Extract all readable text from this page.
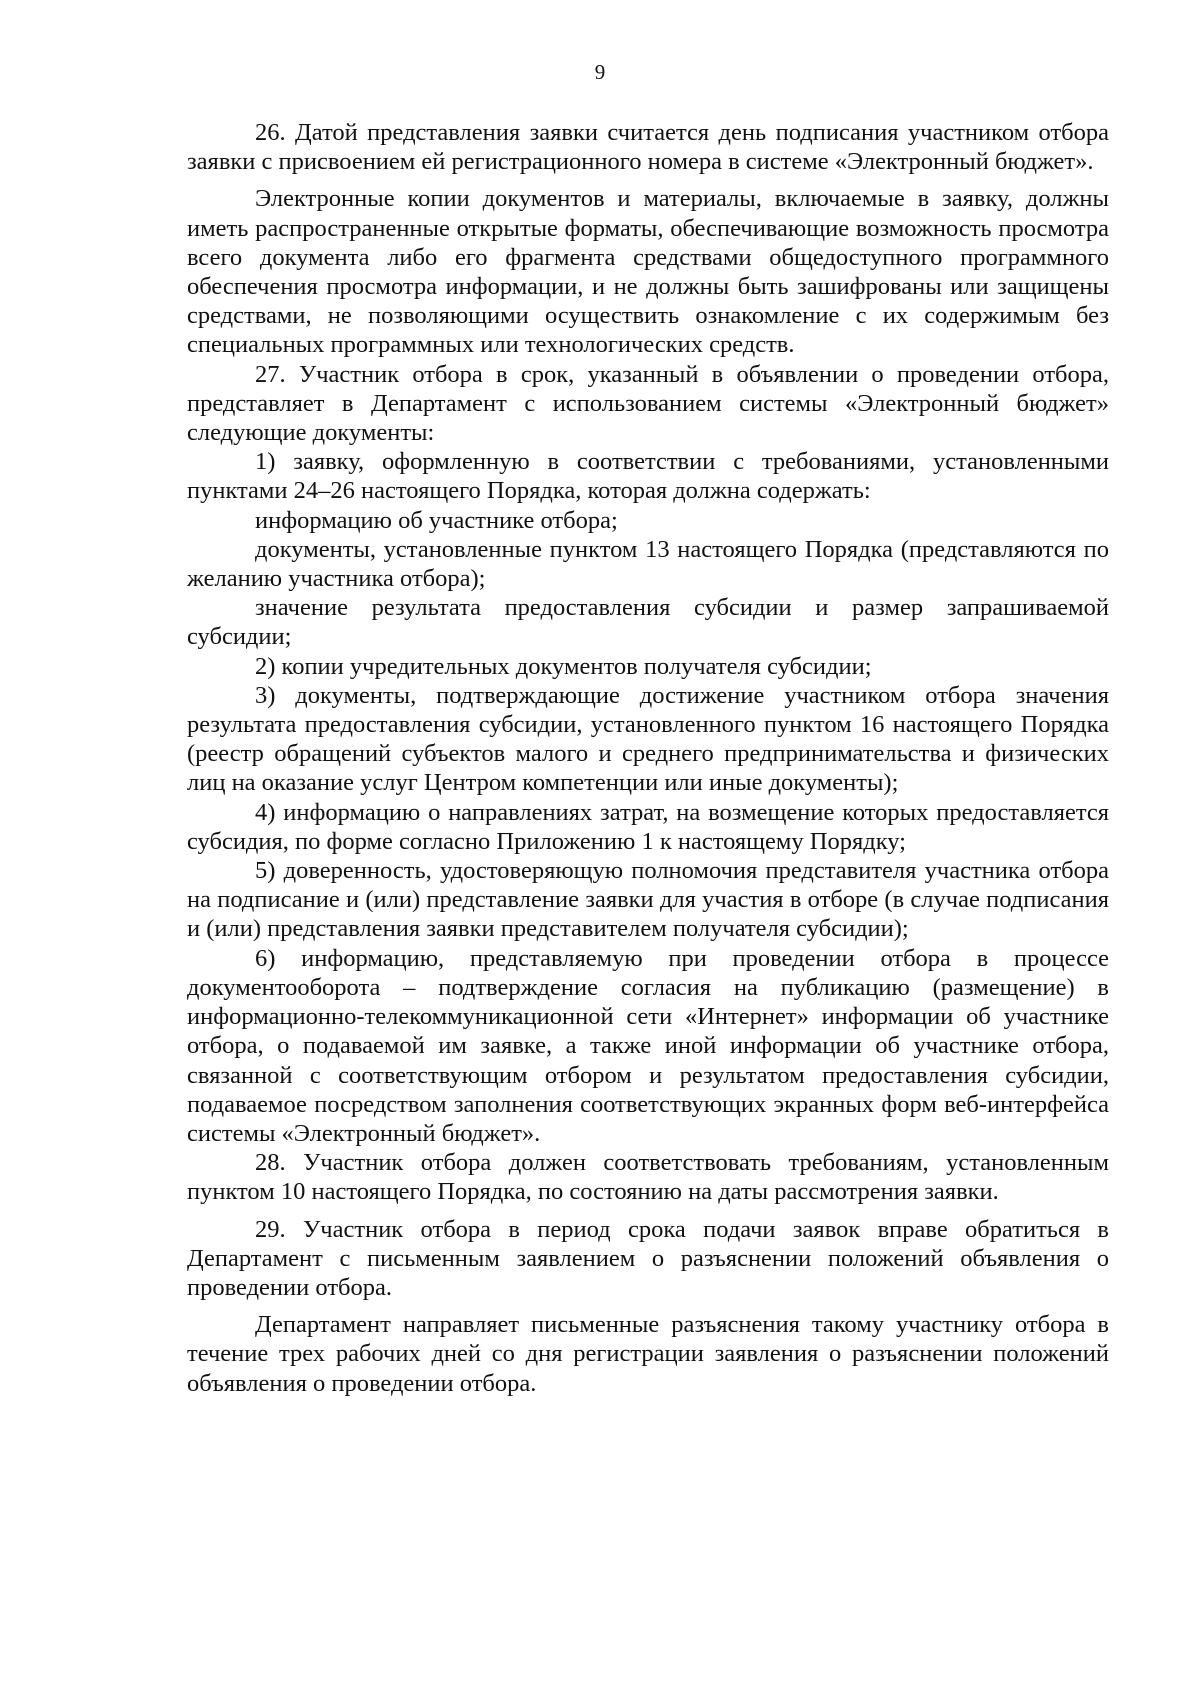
9

26. Датой представления заявки считается день подписания участником отбора заявки с присвоением ей регистрационного номера в системе «Электронный бюджет».

Электронные копии документов и материалы, включаемые в заявку, должны иметь распространенные открытые форматы, обеспечивающие возможность просмотра всего документа либо его фрагмента средствами общедоступного программного обеспечения просмотра информации, и не должны быть зашифрованы или защищены средствами, не позволяющими осуществить ознакомление с их содержимым без специальных программных или технологических средств.

27. Участник отбора в срок, указанный в объявлении о проведении отбора, представляет в Департамент с использованием системы «Электронный бюджет» следующие документы:

1) заявку, оформленную в соответствии с требованиями, установленными пунктами 24–26 настоящего Порядка, которая должна содержать:

информацию об участнике отбора;

документы, установленные пунктом 13 настоящего Порядка (представляются по желанию участника отбора);

значение результата предоставления субсидии и размер запрашиваемой субсидии;

2) копии учредительных документов получателя субсидии;

3) документы, подтверждающие достижение участником отбора значения результата предоставления субсидии, установленного пунктом 16 настоящего Порядка (реестр обращений субъектов малого и среднего предпринимательства и физических лиц на оказание услуг Центром компетенции или иные документы);

4) информацию о направлениях затрат, на возмещение которых предоставляется субсидия, по форме согласно Приложению 1 к настоящему Порядку;

5) доверенность, удостоверяющую полномочия представителя участника отбора на подписание и (или) представление заявки для участия в отборе (в случае подписания и (или) представления заявки представителем получателя субсидии);

6) информацию, представляемую при проведении отбора в процессе документооборота – подтверждение согласия на публикацию (размещение) в информационно-телекоммуникационной сети «Интернет» информации об участнике отбора, о подаваемой им заявке, а также иной информации об участнике отбора, связанной с соответствующим отбором и результатом предоставления субсидии, подаваемое посредством заполнения соответствующих экранных форм веб-интерфейса системы «Электронный бюджет».

28. Участник отбора должен соответствовать требованиям, установленным пунктом 10 настоящего Порядка, по состоянию на даты рассмотрения заявки.

29. Участник отбора в период срока подачи заявок вправе обратиться в Департамент с письменным заявлением о разъяснении положений объявления о проведении отбора.

Департамент направляет письменные разъяснения такому участнику отбора в течение трех рабочих дней со дня регистрации заявления о разъяснении положений объявления о проведении отбора.
